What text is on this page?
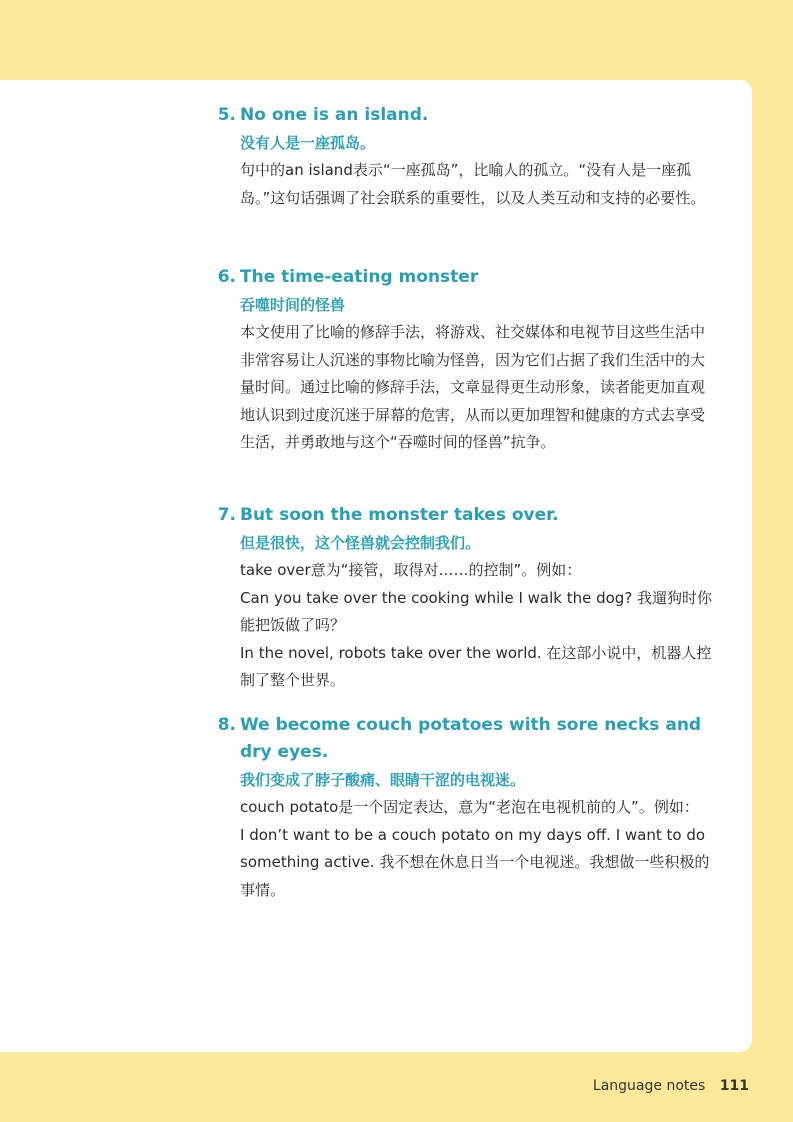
5. No one is an island.

没有人是一座孤岛。

句中的an island表示“一座孤岛”，比喻人的孤立。“没有人是一座孤岛。”这句话强调了社会联系的重要性，以及人类互动和支持的必要性。

6. The time-eating monster

吞噬时间的怪兽

本文使用了比喻的修辞手法，将游戏、社交媒体和电视节目这些生活中非常容易让人沉迷的事物比喻为怪兽，因为它们占据了我们生活中的大量时间。通过比喻的修辞手法，文章显得更生动形象，读者能更加直观地认识到过度沉迷于屏幕的危害，从而以更加理智和健康的方式去享受生活，并勇敢地与这个“吞噬时间的怪兽”抗争。

7. But soon the monster takes over.

但是很快，这个怪兽就会控制我们。

take over意为“接管，取得对……的控制”。例如：

Can you take over the cooking while I walk the dog? 我遛狗时你能把饭做了吗？

In the novel, robots take over the world. 在这部小说中，机器人控制了整个世界。

8. We become couch potatoes with sore necks and dry eyes.

我们变成了脖子酸痛、眼睛干涩的电视迷。

couch potato是一个固定表达，意为“老泡在电视机前的人”。例如：

I don’t want to be a couch potato on my days off. I want to do something active. 我不想在休息日当一个电视迷。我想做一些积极的事情。

Language notes 111
